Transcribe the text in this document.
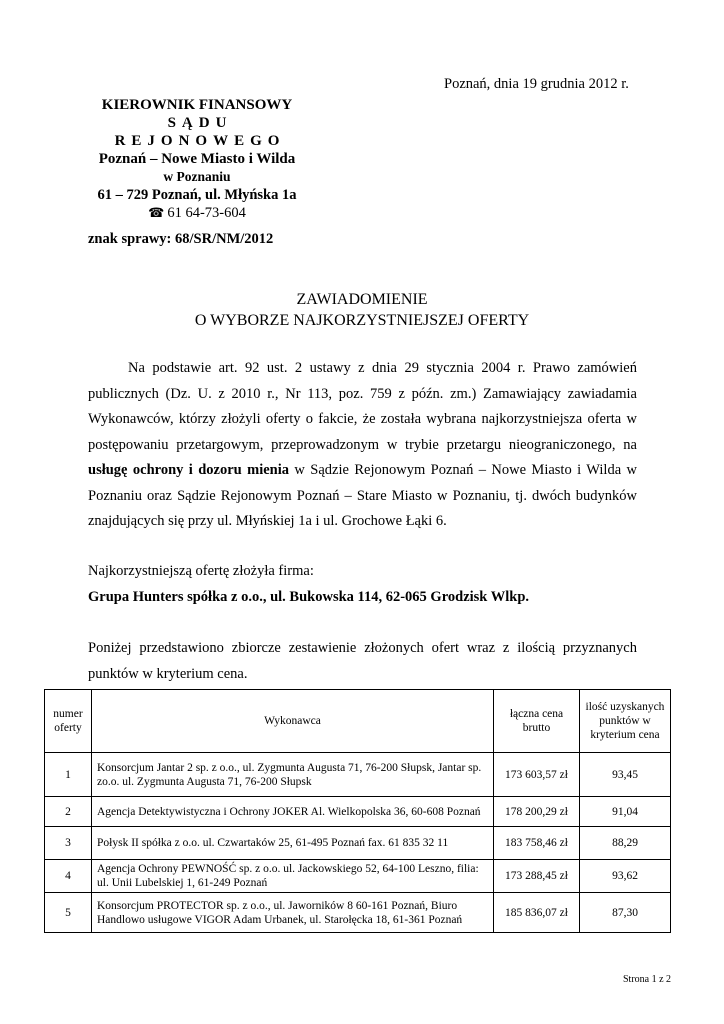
Poznań, dnia 19 grudnia 2012 r.
KIEROWNIK FINANSOWY
SĄDU REJONOWEGO
Poznań – Nowe Miasto i Wilda
w Poznaniu
61 – 729 Poznań, ul. Młyńska 1a
☎ 61 64-73-604
znak sprawy: 68/SR/NM/2012
ZAWIADOMIENIE
O WYBORZE NAJKORZYSTNIEJSZEJ OFERTY
Na podstawie art. 92 ust. 2 ustawy z dnia 29 stycznia 2004 r. Prawo zamówień publicznych (Dz. U. z 2010 r., Nr 113, poz. 759 z późn. zm.) Zamawiający zawiadamia Wykonawców, którzy złożyli oferty o fakcie, że została wybrana najkorzystniejsza oferta w postępowaniu przetargowym, przeprowadzonym w trybie przetargu nieograniczonego, na usługę ochrony i dozoru mienia w Sądzie Rejonowym Poznań – Nowe Miasto i Wilda w Poznaniu oraz Sądzie Rejonowym Poznań – Stare Miasto w Poznaniu, tj. dwóch budynków znajdujących się przy ul. Młyńskiej 1a i ul. Grochowe Łąki 6.
Najkorzystniejszą ofertę złożyła firma:
Grupa Hunters spółka z o.o., ul. Bukowska 114, 62-065 Grodzisk Wlkp.
Poniżej przedstawiono zbiorcze zestawienie złożonych ofert wraz z ilością przyznanych punktów w kryterium cena.
numer oferty	Wykonawca	łączna cena brutto	ilość uzyskanych punktów w kryterium cena
1	Konsorcjum Jantar 2 sp. z o.o., ul. Zygmunta Augusta 71, 76-200 Słupsk, Jantar sp. zo.o. ul. Zygmunta Augusta 71, 76-200 Słupsk	173 603,57 zł	93,45
2	Agencja Detektywistyczna i Ochrony JOKER Al. Wielkopolska 36, 60-608 Poznań	178 200,29 zł	91,04
3	Połysk II spółka z o.o. ul. Czwartaków 25, 61-495 Poznań fax. 61 835 32 11	183 758,46 zł	88,29
4	Agencja Ochrony PEWNOŚĆ sp. z o.o. ul. Jackowskiego 52, 64-100 Leszno, filia: ul. Unii Lubelskiej 1, 61-249 Poznań	173 288,45 zł	93,62
5	Konsorcjum PROTECTOR sp. z o.o., ul. Jaworników 8 60-161 Poznań, Biuro Handlowo usługowe VIGOR Adam Urbanek, ul. Starołęcka 18, 61-361 Poznań	185 836,07 zł	87,30
Strona 1 z 2
